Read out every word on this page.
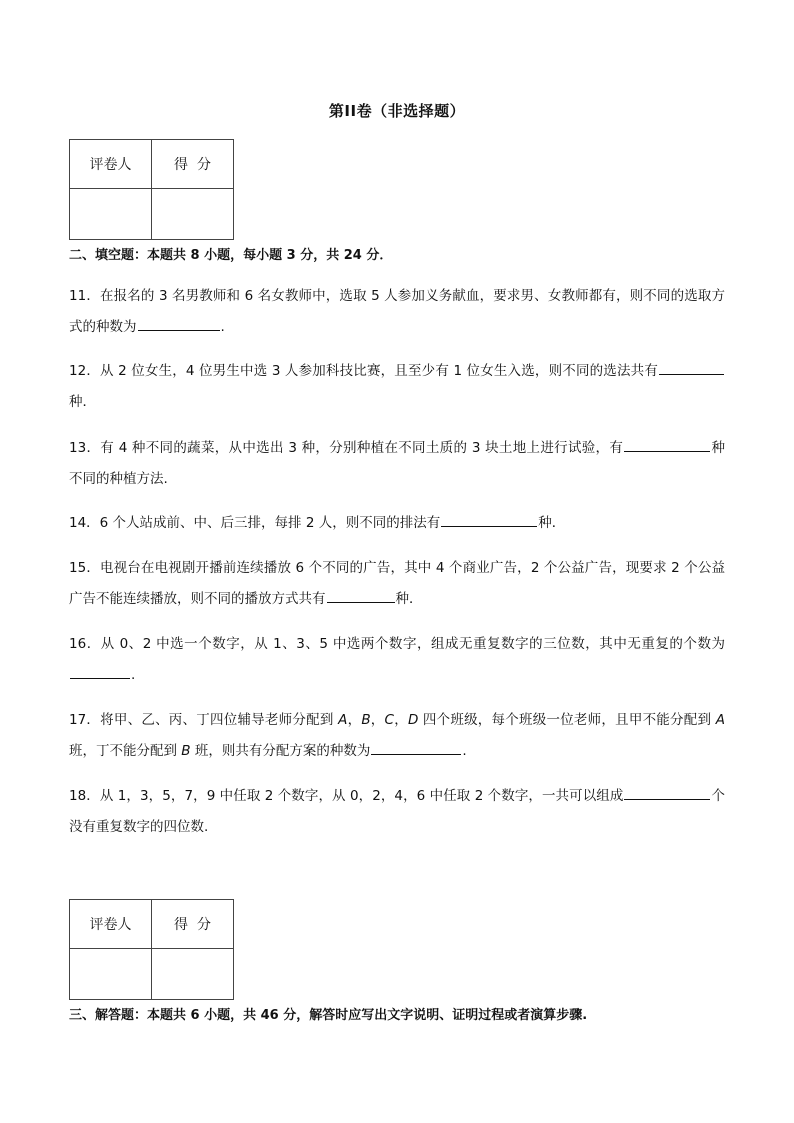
第II卷（非选择题）
评卷人	得  分

二、填空题：本题共 8 小题，每小题 3 分，共 24 分．
11．在报名的 3 名男教师和 6 名女教师中，选取 5 人参加义务献血，要求男、女教师都有，则不同的选取方式的种数为	.
12．从 2 位女生，4 位男生中选 3 人参加科技比赛，且至少有 1 位女生入选，则不同的选法共有种．
13．有 4 种不同的蔬菜，从中选出 3 种，分别种植在不同土质的 3 块土地上进行试验，有	种不同的种植方法.
14．6 个人站成前、中、后三排，每排 2 人，则不同的排法有	种．
15．电视台在电视剧开播前连续播放 6 个不同的广告，其中 4 个商业广告，2 个公益广告，现要求 2 个公益广告不能连续播放，则不同的播放方式共有	种．
16．从 0、2 中选一个数字，从 1、3、5 中选两个数字，组成无重复数字的三位数，其中无重复的个数为.
17．将甲、乙、丙、丁四位辅导老师分配到 A，B，C，D 四个班级，每个班级一位老师，且甲不能分配到 A 班，丁不能分配到 B 班，则共有分配方案的种数为	.
18．从 1，3，5，7，9 中任取 2 个数字，从 0，2，4，6 中任取 2 个数字，一共可以组成	个没有重复数字的四位数.
评卷人	得  分

三、解答题：本题共 6 小题，共 46 分，解答时应写出文字说明、证明过程或者演算步骤.
